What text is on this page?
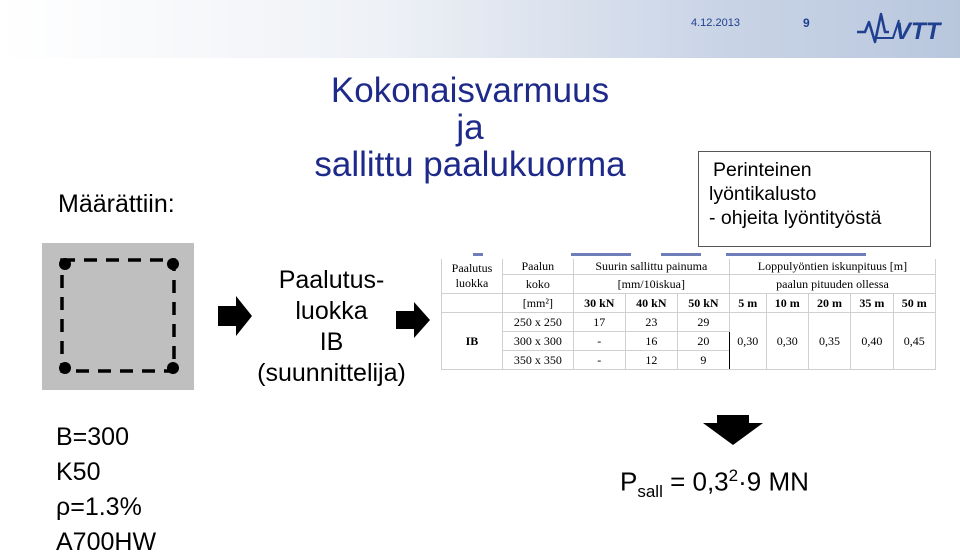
4.12.2013	9	VTT
Kokonaisvarmuus
ja
sallittu paalukuorma
Määrättiin:
B=300
K50
ρ=1.3%
A700HW
Paalutus-
luokka
IB
(suunnittelija)
Perinteinen
lyöntikalusto
- ohjeita lyöntityöstä
Paalutus
luokka	Paalun	Suurin sallittu painuma			Loppulyöntien iskunpituus [m]				
	koko	[mm/10iskua]			paalun pituuden ollessa				
	[mm²]	30 kN	40 kN	50 kN	5 m	10 m	20 m	35 m	50 m
IB	250 x 250	17	23	29	0,30	0,30	0,35	0,40	0,45
	300 x 300	-	16	20					
	350 x 350	-	12	9					
$P_{sall} = 0,3^2\cdot 9$ MN
